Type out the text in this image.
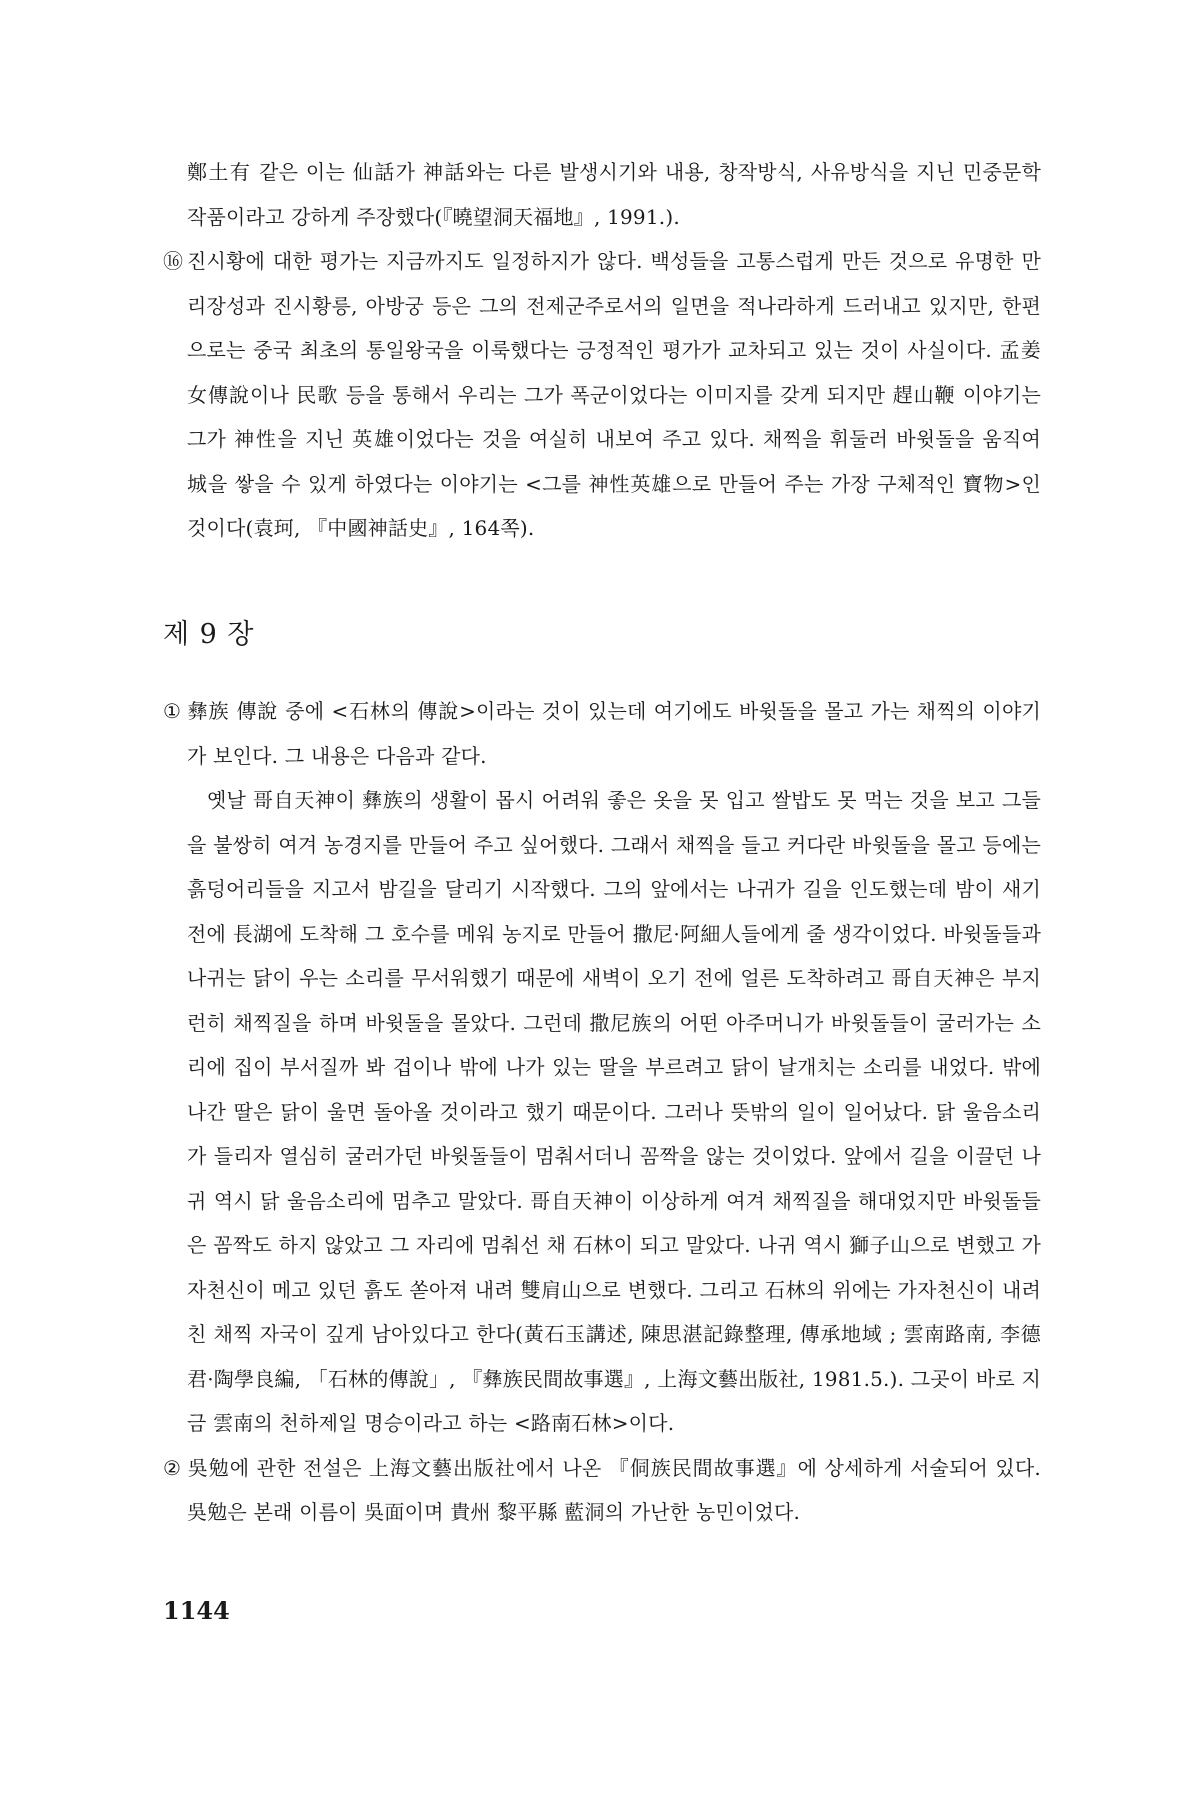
鄭土有 같은 이는 仙話가 神話와는 다른 발생시기와 내용, 창작방식, 사유방식을 지닌 민중문학 작품이라고 강하게 주장했다(『曉望洞天福地』, 1991.).

⑯ 진시황에 대한 평가는 지금까지도 일정하지가 않다. 백성들을 고통스럽게 만든 것으로 유명한 만리장성과 진시황릉, 아방궁 등은 그의 전제군주로서의 일면을 적나라하게 드러내고 있지만, 한편으로는 중국 최초의 통일왕국을 이룩했다는 긍정적인 평가가 교차되고 있는 것이 사실이다. 孟姜女傳說이나 民歌 등을 통해서 우리는 그가 폭군이었다는 이미지를 갖게 되지만 趕山鞭 이야기는 그가 神性을 지닌 英雄이었다는 것을 여실히 내보여 주고 있다. 채찍을 휘둘러 바윗돌을 움직여 城을 쌓을 수 있게 하였다는 이야기는 <그를 神性英雄으로 만들어 주는 가장 구체적인 寶物>인 것이다(袁珂, 『中國神話史』, 164쪽).

제 9 장

① 彝族 傳說 중에 <石林의 傳說>이라는 것이 있는데 여기에도 바윗돌을 몰고 가는 채찍의 이야기가 보인다. 그 내용은 다음과 같다.

옛날 哥自天神이 彝族의 생활이 몹시 어려워 좋은 옷을 못 입고 쌀밥도 못 먹는 것을 보고 그들을 불쌍히 여겨 농경지를 만들어 주고 싶어했다. 그래서 채찍을 들고 커다란 바윗돌을 몰고 등에는 흙덩어리들을 지고서 밤길을 달리기 시작했다. 그의 앞에서는 나귀가 길을 인도했는데 밤이 새기 전에 長湖에 도착해 그 호수를 메워 농지로 만들어 撒尼·阿細人들에게 줄 생각이었다. 바윗돌들과 나귀는 닭이 우는 소리를 무서워했기 때문에 새벽이 오기 전에 얼른 도착하려고 哥自天神은 부지런히 채찍질을 하며 바윗돌을 몰았다. 그런데 撒尼族의 어떤 아주머니가 바윗돌들이 굴러가는 소리에 집이 부서질까 봐 겁이나 밖에 나가 있는 딸을 부르려고 닭이 날개치는 소리를 내었다. 밖에 나간 딸은 닭이 울면 돌아올 것이라고 했기 때문이다. 그러나 뜻밖의 일이 일어났다. 닭 울음소리가 들리자 열심히 굴러가던 바윗돌들이 멈춰서더니 꼼짝을 않는 것이었다. 앞에서 길을 이끌던 나귀 역시 닭 울음소리에 멈추고 말았다. 哥自天神이 이상하게 여겨 채찍질을 해대었지만 바윗돌들은 꼼짝도 하지 않았고 그 자리에 멈춰선 채 石林이 되고 말았다. 나귀 역시 獅子山으로 변했고 가자천신이 메고 있던 흙도 쏟아져 내려 雙肩山으로 변했다. 그리고 石林의 위에는 가자천신이 내려친 채찍 자국이 깊게 남아있다고 한다(黃石玉講述, 陳思湛記錄整理, 傳承地域 ; 雲南路南, 李德君·陶學良編, 「石林的傳說」, 『彝族民間故事選』, 上海文藝出版社, 1981.5.). 그곳이 바로 지금 雲南의 천하제일 명승이라고 하는 <路南石林>이다.

② 吳勉에 관한 전설은 上海文藝出版社에서 나온 『侗族民間故事選』에 상세하게 서술되어 있다. 吳勉은 본래 이름이 吳面이며 貴州 黎平縣 藍洞의 가난한 농민이었다.

1144
